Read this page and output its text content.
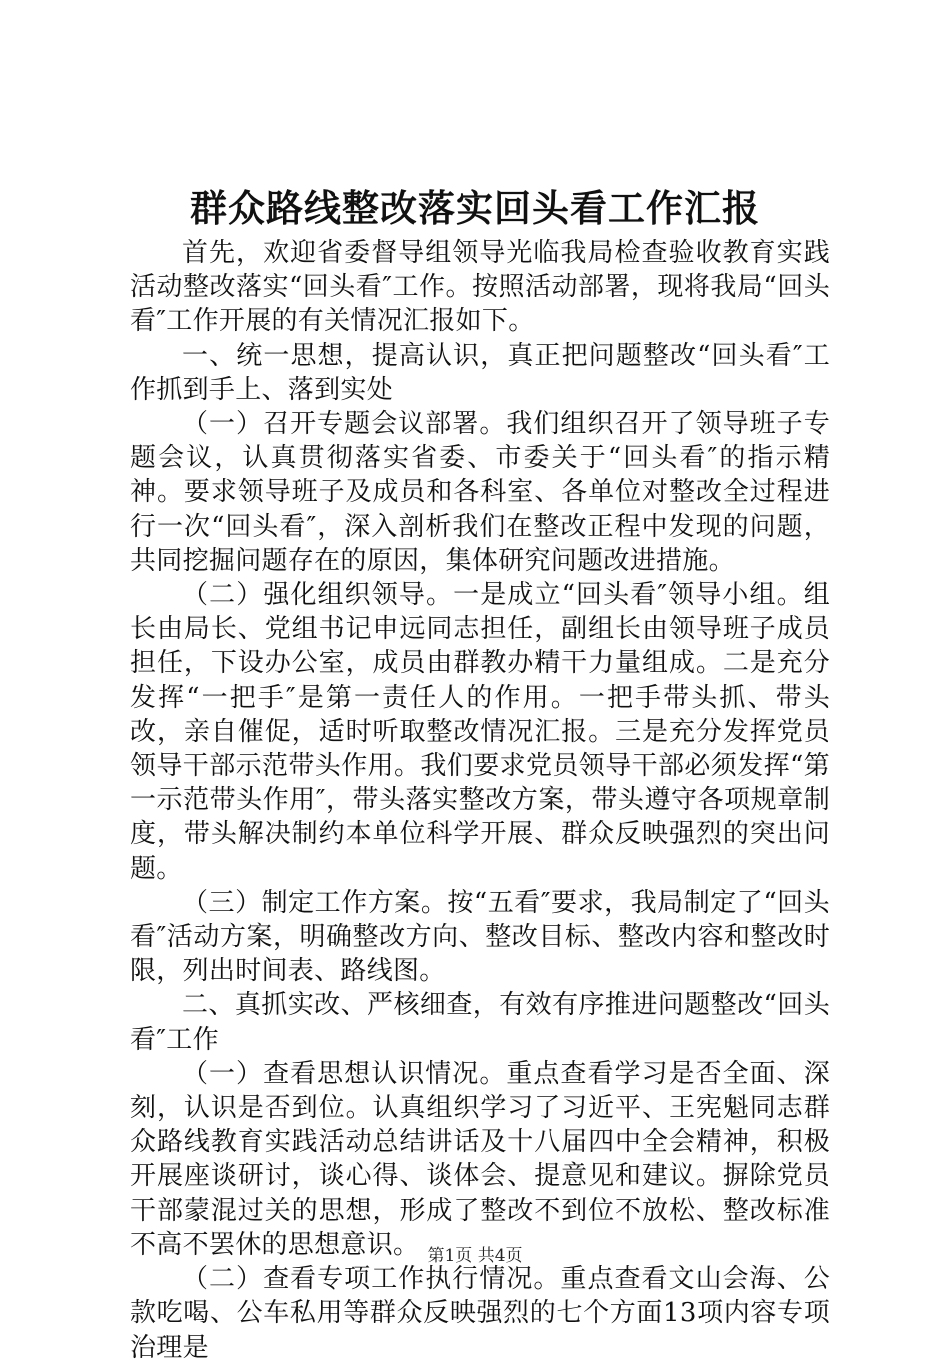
群众路线整改落实回头看工作汇报

首先，欢迎省委督导组领导光临我局检查验收教育实践活动整改落实“回头看″工作。按照活动部署，现将我局“回头看″工作开展的有关情况汇报如下。

一、统一思想，提高认识，真正把问题整改“回头看″工作抓到手上、落到实处

（一）召开专题会议部署。我们组织召开了领导班子专题会议，认真贯彻落实省委、市委关于“回头看″的指示精神。要求领导班子及成员和各科室、各单位对整改全过程进行一次“回头看″，深入剖析我们在整改正程中发现的问题，共同挖掘问题存在的原因，集体研究问题改进措施。

（二）强化组织领导。一是成立“回头看″领导小组。组长由局长、党组书记申远同志担任，副组长由领导班子成员担任，下设办公室，成员由群教办精干力量组成。二是充分发挥“一把手″是第一责任人的作用。一把手带头抓、带头改，亲自催促，适时听取整改情况汇报。三是充分发挥党员领导干部示范带头作用。我们要求党员领导干部必须发挥“第一示范带头作用″，带头落实整改方案，带头遵守各项规章制度，带头解决制约本单位科学开展、群众反映强烈的突出问题。

（三）制定工作方案。按“五看″要求，我局制定了“回头看″活动方案，明确整改方向、整改目标、整改内容和整改时限，列出时间表、路线图。

二、真抓实改、严核细查，有效有序推进问题整改“回头看″工作

（一）查看思想认识情况。重点查看学习是否全面、深刻，认识是否到位。认真组织学习了习近平、王宪魁同志群众路线教育实践活动总结讲话及十八届四中全会精神，积极开展座谈研讨，谈心得、谈体会、提意见和建议。摒除党员干部蒙混过关的思想，形成了整改不到位不放松、整改标准不高不罢休的思想意识。

（二）查看专项工作执行情况。重点查看文山会海、公款吃喝、公车私用等群众反映强烈的七个方面13项内容专项治理是

第1页 共4页
